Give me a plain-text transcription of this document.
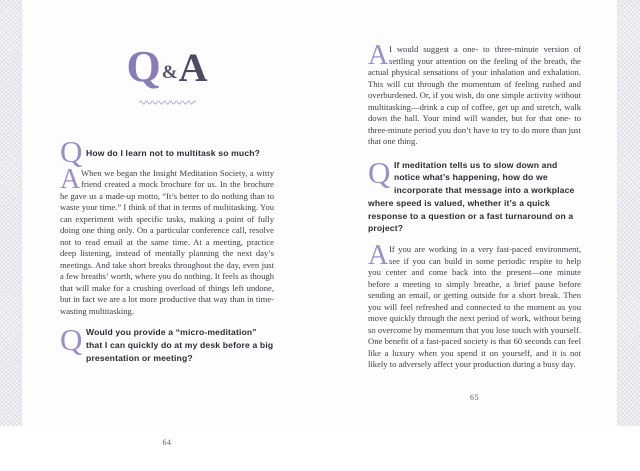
Q&A
Q How do I learn not to multitask so much?

A When we began the Insight Meditation Society, a witty friend created a mock brochure for us. In the brochure he gave us a made-up motto, “It’s better to do nothing than to waste your time.” I think of that in terms of multitasking. You can experiment with specific tasks, making a point of fully doing one thing only. On a particular conference call, resolve not to read email at the same time. At a meeting, practice deep listening, instead of mentally planning the next day’s meetings. And take short breaks throughout the day, even just a few breaths’ worth, where you do nothing. It feels as though that will make for a crushing overload of things left undone, but in fact we are a lot more productive that way than in time-wasting multitasking.

Q Would you provide a “micro-meditation” that I can quickly do at my desk before a big presentation or meeting?

64
A I would suggest a one- to three-minute version of settling your attention on the feeling of the breath, the actual physical sensations of your inhalation and exhalation. This will cut through the momentum of feeling rushed and overburdened. Or, if you wish, do one simple activity without multitasking—drink a cup of coffee, get up and stretch, walk down the hall. Your mind will wander, but for that one- to three-minute period you don’t have to try to do more than just that one thing.

Q If meditation tells us to slow down and notice what’s happening, how do we incorporate that message into a workplace where speed is valued, whether it’s a quick response to a question or a fast turnaround on a project?

A If you are working in a very fast-paced environment, see if you can build in some periodic respite to help you center and come back into the present—one minute before a meeting to simply breathe, a brief pause before sending an email, or getting outside for a short break. Then you will feel refreshed and connected to the moment as you move quickly through the next period of work, without being so overcome by momentum that you lose touch with yourself. One benefit of a fast-paced society is that 60 seconds can feel like a luxury when you spend it on yourself, and it is not likely to adversely affect your production during a busy day.

65
